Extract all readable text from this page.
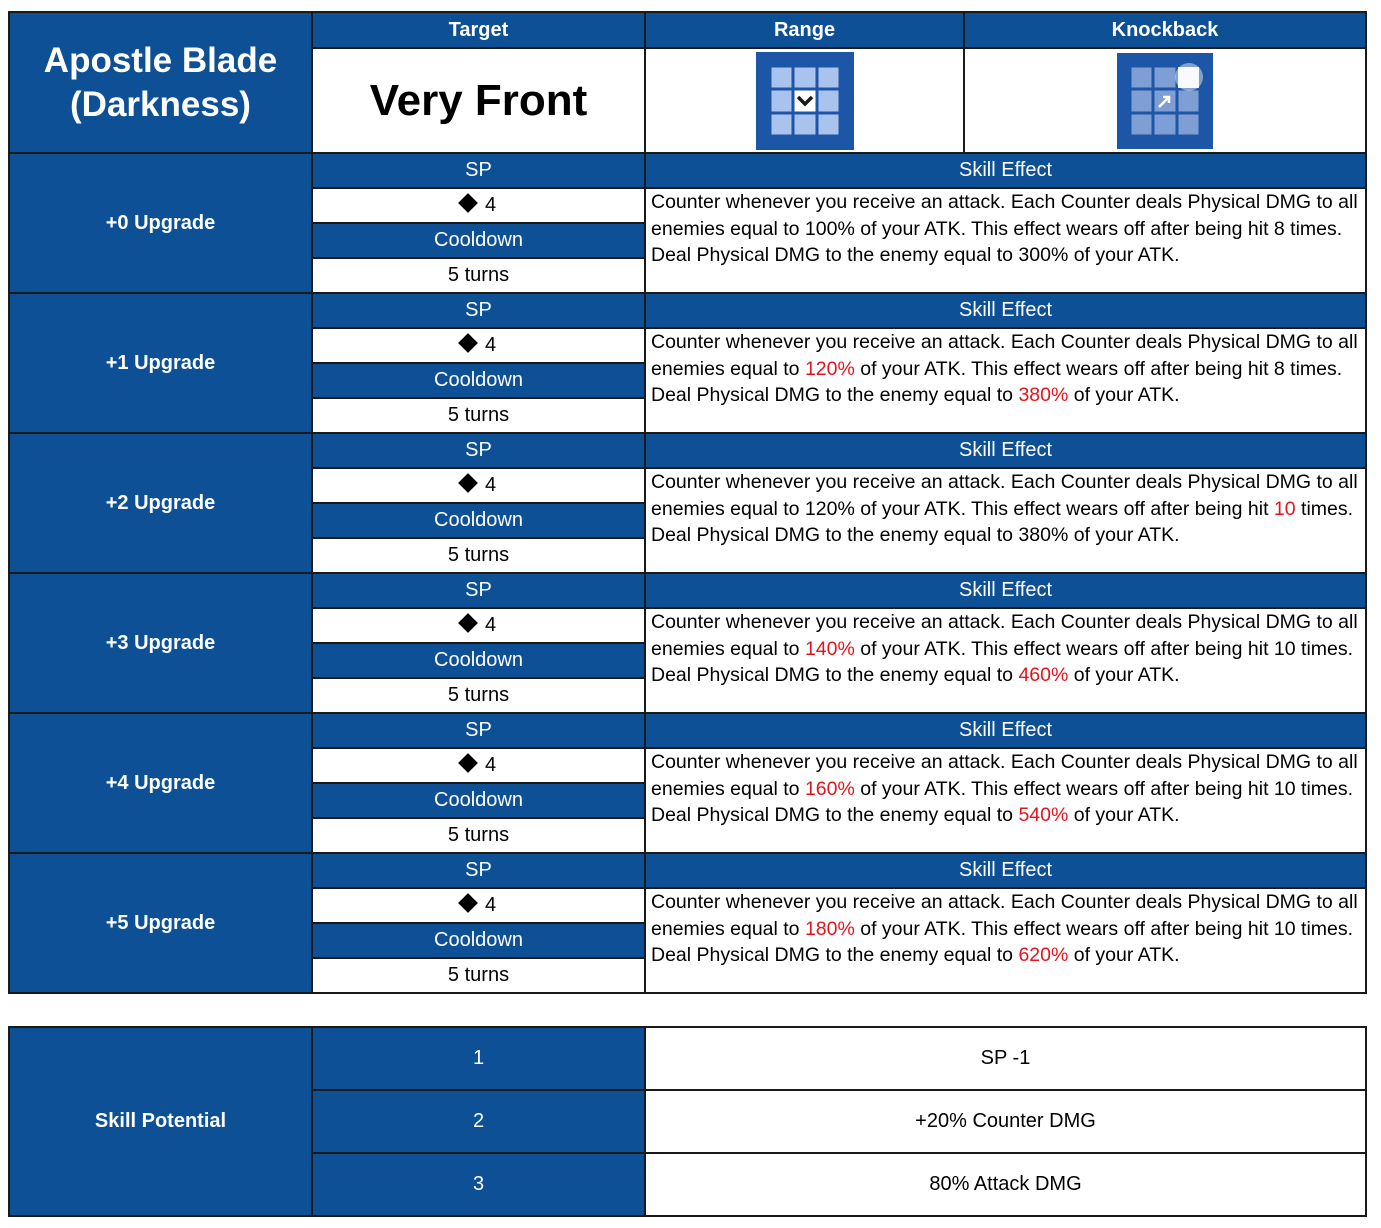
Apostle Blade
(Darkness)	Target	Range	Knockback
	Very Front	

+0 Upgrade	SP	Skill Effect	
	4	Counter whenever you receive an attack. Each Counter deals Physical DMG to all enemies equal to 100% of your ATK. This effect wears off after being hit 8 times. Deal Physical DMG to the enemy equal to 300% of your ATK.	
	Cooldown		
	5 turns		
+1 Upgrade	SP	Skill Effect	
	4	Counter whenever you receive an attack. Each Counter deals Physical DMG to all enemies equal to 120% of your ATK. This effect wears off after being hit 8 times. Deal Physical DMG to the enemy equal to 380% of your ATK.	
	Cooldown		
	5 turns		
+2 Upgrade	SP	Skill Effect	
	4	Counter whenever you receive an attack. Each Counter deals Physical DMG to all enemies equal to 120% of your ATK. This effect wears off after being hit 10 times. Deal Physical DMG to the enemy equal to 380% of your ATK.	
	Cooldown		
	5 turns		
+3 Upgrade	SP	Skill Effect	
	4	Counter whenever you receive an attack. Each Counter deals Physical DMG to all enemies equal to 140% of your ATK. This effect wears off after being hit 10 times. Deal Physical DMG to the enemy equal to 460% of your ATK.	
	Cooldown		
	5 turns		
+4 Upgrade	SP	Skill Effect	
	4	Counter whenever you receive an attack. Each Counter deals Physical DMG to all enemies equal to 160% of your ATK. This effect wears off after being hit 10 times. Deal Physical DMG to the enemy equal to 540% of your ATK.	
	Cooldown		
	5 turns		
+5 Upgrade	SP	Skill Effect	
	4	Counter whenever you receive an attack. Each Counter deals Physical DMG to all enemies equal to 180% of your ATK. This effect wears off after being hit 10 times. Deal Physical DMG to the enemy equal to 620% of your ATK.	
	Cooldown		
	5 turns		
Skill Potential	1	SP -1
	2	+20% Counter DMG
	3	80% Attack DMG
